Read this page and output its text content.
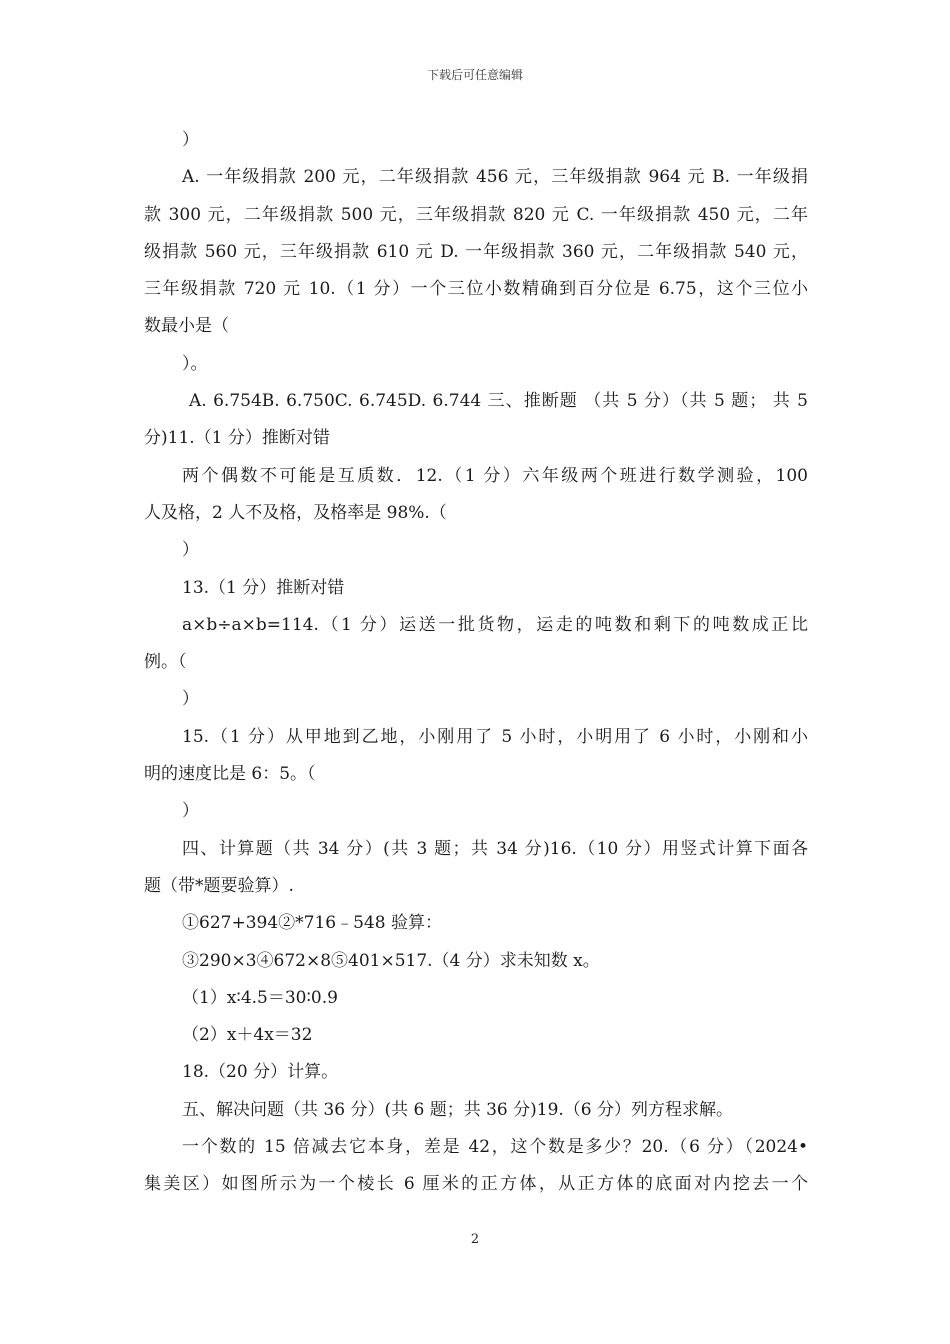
下载后可任意编辑
）
A. 一年级捐款 200 元，二年级捐款 456 元，三年级捐款 964 元 B. 一年级捐
款 300 元，二年级捐款 500 元，三年级捐款 820 元 C. 一年级捐款 450 元，二年
级捐款 560 元，三年级捐款 610 元 D. 一年级捐款 360 元，二年级捐款 540 元，
三年级捐款 720 元 10.（1 分）一个三位小数精确到百分位是 6.75，这个三位小
数最小是（
）。
A. 6.754B. 6.750C. 6.745D. 6.744 三、推断题 （共 5 分）（共 5 题； 共 5
分)11.（1 分）推断对错
两个偶数不可能是互质数．12.（1 分）六年级两个班进行数学测验，100
人及格，2 人不及格，及格率是 98%.（
）
13.（1 分）推断对错
a×b÷a×b=114.（1 分）运送一批货物，运走的吨数和剩下的吨数成正比
例。（
）
15.（1 分）从甲地到乙地，小刚用了 5 小时，小明用了 6 小时，小刚和小
明的速度比是 6：5。（
）
四、计算题（共 34 分）(共 3 题；共 34 分)16.（10 分）用竖式计算下面各
题（带*题要验算）.
①627+394②*716﹣548 验算：
③290×3④672×8⑤401×517.（4 分）求未知数 x。
（1）x∶4.5＝30∶0.9
（2）x＋4x＝32
18.（20 分）计算。
五、解决问题（共 36 分）(共 6 题；共 36 分)19.（6 分）列方程求解。
一个数的 15 倍减去它本身，差是 42，这个数是多少？20.（6 分）（2024•
集美区）如图所示为一个棱长 6 厘米的正方体，从正方体的底面对内挖去一个
2
